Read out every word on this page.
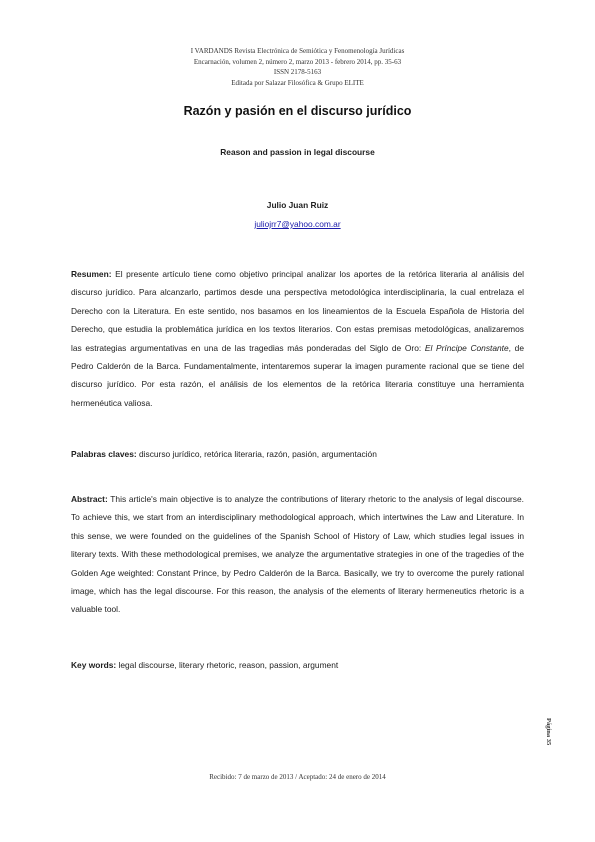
I VARDANDS Revista Electrónica de Semiótica y Fenomenología Jurídicas
Encarnación, volumen 2, número 2, marzo 2013 - febrero 2014, pp. 35-63
ISSN 2178-5163
Editada por Salazar Filosófica & Grupo ELITE
Razón y pasión en el discurso jurídico
Reason and passion in legal discourse
Julio Juan Ruiz
juliojrr7@yahoo.com.ar
Resumen: El presente artículo tiene como objetivo principal analizar los aportes de la retórica literaria al análisis del discurso jurídico. Para alcanzarlo, partimos desde una perspectiva metodológica interdisciplinaria, la cual entrelaza el Derecho con la Literatura. En este sentido, nos basamos en los lineamientos de la Escuela Española de Historia del Derecho, que estudia la problemática jurídica en los textos literarios. Con estas premisas metodológicas, analizaremos las estrategias argumentativas en una de las tragedias más ponderadas del Siglo de Oro: El Príncipe Constante, de Pedro Calderón de la Barca. Fundamentalmente, intentaremos superar la imagen puramente racional que se tiene del discurso jurídico. Por esta razón, el análisis de los elementos de la retórica literaria constituye una herramienta hermenéutica valiosa.
Palabras claves: discurso jurídico, retórica literaria, razón, pasión, argumentación
Abstract: This article's main objective is to analyze the contributions of literary rhetoric to the analysis of legal discourse. To achieve this, we start from an interdisciplinary methodological approach, which intertwines the Law and Literature. In this sense, we were founded on the guidelines of the Spanish School of History of Law, which studies legal issues in literary texts. With these methodological premises, we analyze the argumentative strategies in one of the tragedies of the Golden Age weighted: Constant Prince, by Pedro Calderón de la Barca. Basically, we try to overcome the purely rational image, which has the legal discourse. For this reason, the analysis of the elements of literary hermeneutics rhetoric is a valuable tool.
Key words: legal discourse, literary rhetoric, reason, passion, argument
Recibido: 7 de marzo de 2013 / Aceptado: 24 de enero de 2014
Página 35
